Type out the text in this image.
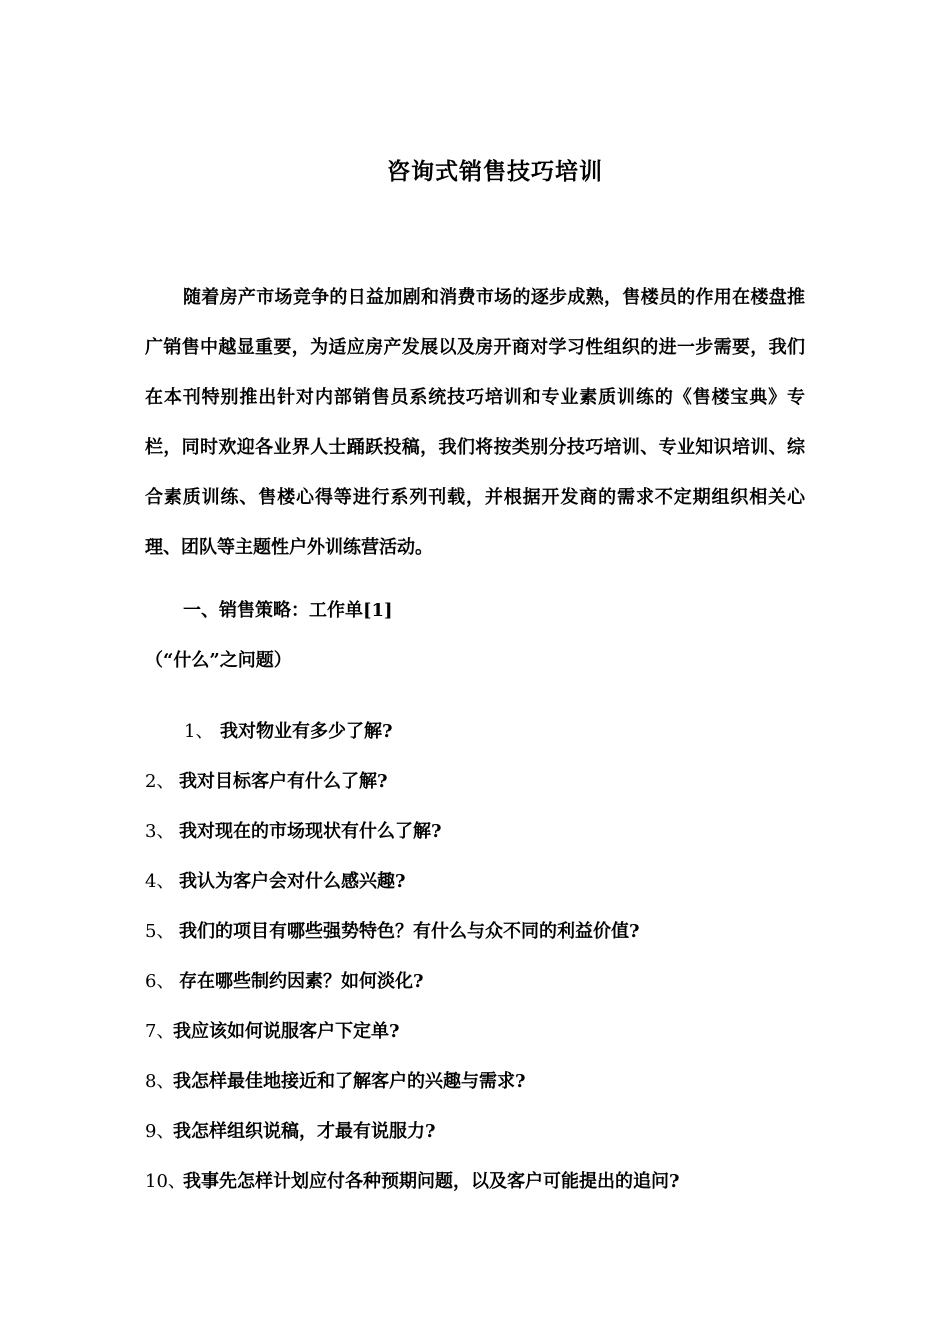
咨询式销售技巧培训

随着房产市场竞争的日益加剧和消费市场的逐步成熟，售楼员的作用在楼盘推广销售中越显重要，为适应房产发展以及房开商对学习性组织的进一步需要，我们在本刊特别推出针对内部销售员系统技巧培训和专业素质训练的《售楼宝典》专栏，同时欢迎各业界人士踊跃投稿，我们将按类别分技巧培训、专业知识培训、综合素质训练、售楼心得等进行系列刊载，并根据开发商的需求不定期组织相关心理、团队等主题性户外训练营活动。

一、销售策略：工作单[1]

（“什么”之问题）

1、 我对物业有多少了解?

2、 我对目标客户有什么了解?

3、 我对现在的市场现状有什么了解?

4、 我认为客户会对什么感兴趣?

5、 我们的项目有哪些强势特色？有什么与众不同的利益价值?

6、 存在哪些制约因素？如何淡化?

7、我应该如何说服客户下定单?

8、我怎样最佳地接近和了解客户的兴趣与需求?

9、我怎样组织说稿，才最有说服力?

10、我事先怎样计划应付各种预期问题，以及客户可能提出的追问?
